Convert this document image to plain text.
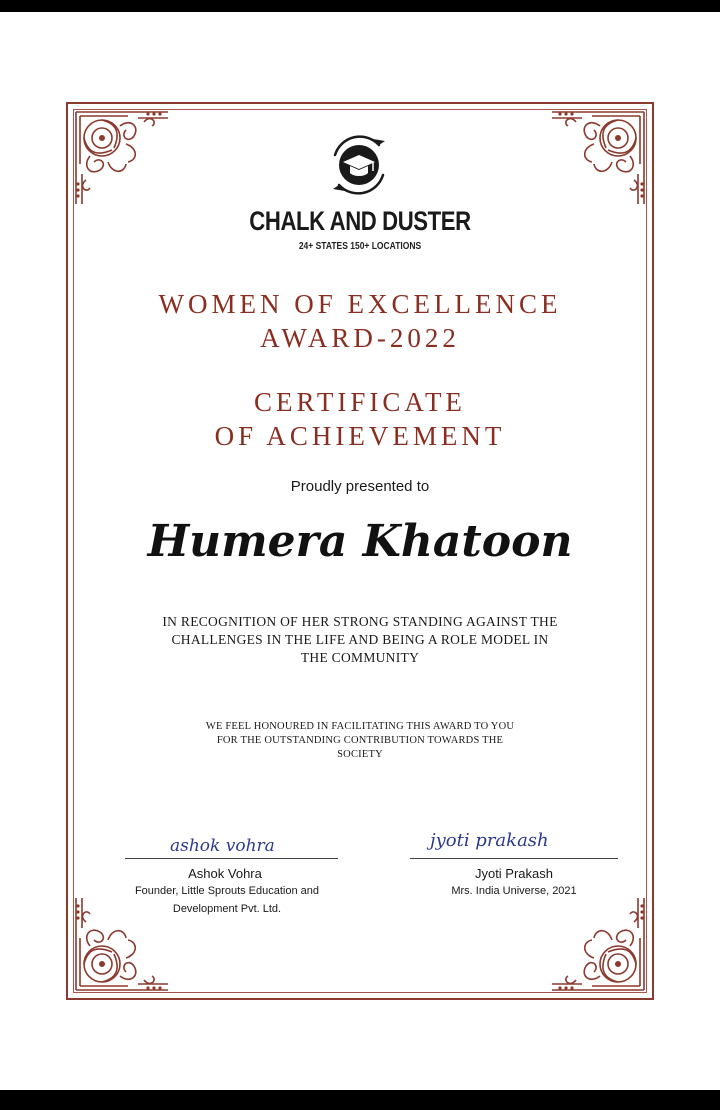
CHALK AND DUSTER
24+ STATES 150+ LOCATIONS
WOMEN OF EXCELLENCE
AWARD-2022
CERTIFICATE
OF ACHIEVEMENT
Proudly presented to
Humera Khatoon
IN RECOGNITION OF HER STRONG STANDING AGAINST THE CHALLENGES IN THE LIFE AND BEING A ROLE MODEL IN THE COMMUNITY
WE FEEL HONOURED IN FACILITATING THIS AWARD TO YOU FOR THE OUTSTANDING CONTRIBUTION TOWARDS THE SOCIETY
ashok vohra
Ashok Vohra
Founder, Little Sprouts Education and Development Pvt. Ltd.
jyoti prakash
Jyoti Prakash
Mrs. India Universe, 2021
